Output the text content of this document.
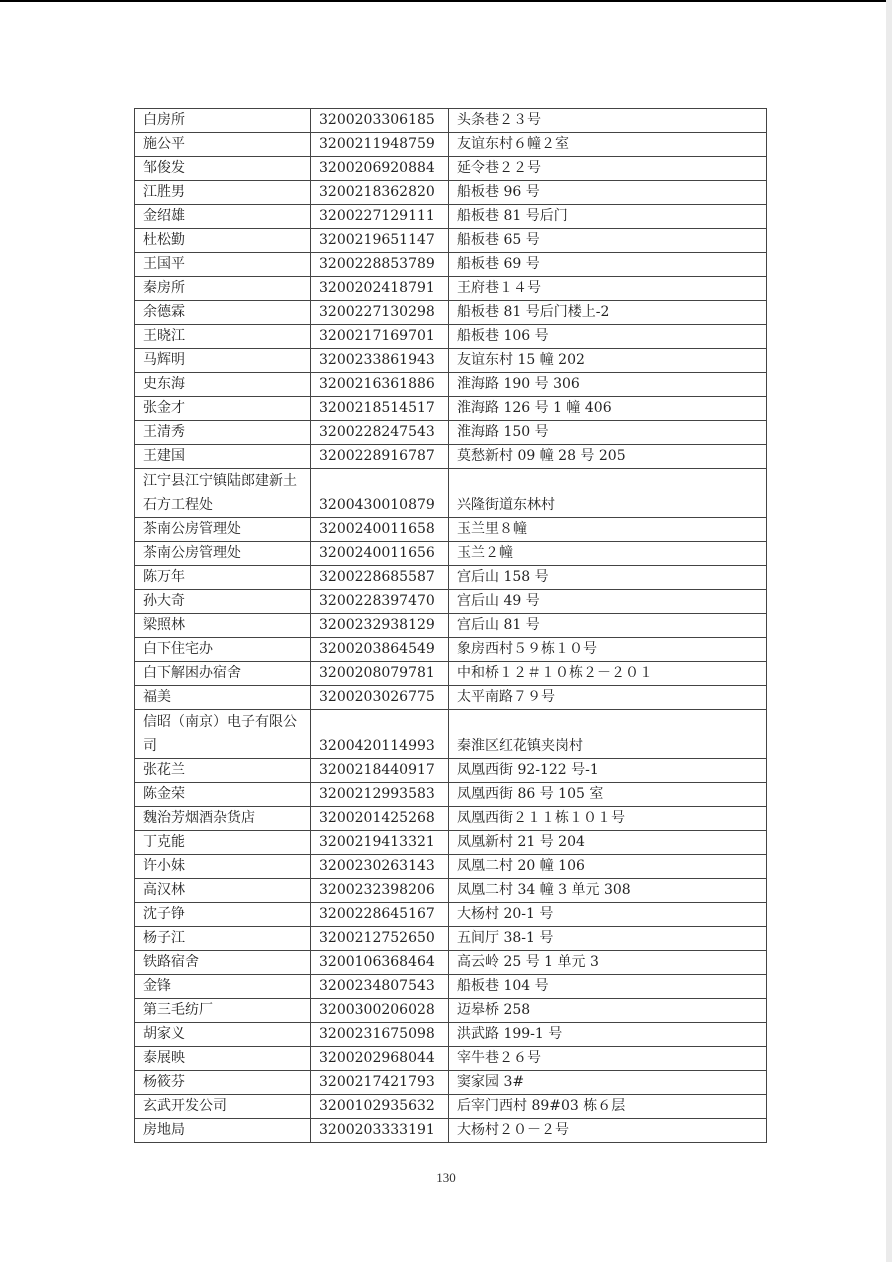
白房所	3200203306185	头条巷２３号
施公平	3200211948759	友谊东村６幢２室
邹俊发	3200206920884	延令巷２２号
江胜男	3200218362820	船板巷 96 号
金绍雄	3200227129111	船板巷 81 号后门
杜松勤	3200219651147	船板巷 65 号
王国平	3200228853789	船板巷 69 号
秦房所	3200202418791	王府巷１４号
余德霖	3200227130298	船板巷 81 号后门楼上-2
王晓江	3200217169701	船板巷 106 号
马辉明	3200233861943	友谊东村 15 幢 202
史东海	3200216361886	淮海路 190 号 306
张金才	3200218514517	淮海路 126 号 1 幢 406
王清秀	3200228247543	淮海路 150 号
王建国	3200228916787	莫愁新村 09 幢 28 号 205
江宁县江宁镇陆郎建新土石方工程处	3200430010879	兴隆街道东林村
茶南公房管理处	3200240011658	玉兰里８幢
茶南公房管理处	3200240011656	玉兰２幢
陈万年	3200228685587	宫后山 158 号
孙大奇	3200228397470	宫后山 49 号
梁照林	3200232938129	宫后山 81 号
白下住宅办	3200203864549	象房西村５９栋１０号
白下解困办宿舍	3200208079781	中和桥１２＃１０栋２－２０１
福美	3200203026775	太平南路７９号
信昭（南京）电子有限公司	3200420114993	秦淮区红花镇夹岗村
张花兰	3200218440917	凤凰西街 92-122 号-1
陈金荣	3200212993583	凤凰西街 86 号 105 室
魏治芳烟酒杂货店	3200201425268	凤凰西街２１１栋１０１号
丁克能	3200219413321	凤凰新村 21 号 204
许小妹	3200230263143	凤凰二村 20 幢 106
高汉林	3200232398206	凤凰二村 34 幢 3 单元 308
沈子铮	3200228645167	大杨村 20-1 号
杨子江	3200212752650	五间厅 38-1 号
铁路宿舍	3200106368464	高云岭 25 号 1 单元 3
金锋	3200234807543	船板巷 104 号
第三毛纺厂	3200300206028	迈皋桥 258
胡家义	3200231675098	洪武路 199-1 号
泰展映	3200202968044	宰牛巷２６号
杨筱芬	3200217421793	窦家园 3#
玄武开发公司	3200102935632	后宰门西村 89#03 栋６层
房地局	3200203333191	大杨村２０－２号
130
